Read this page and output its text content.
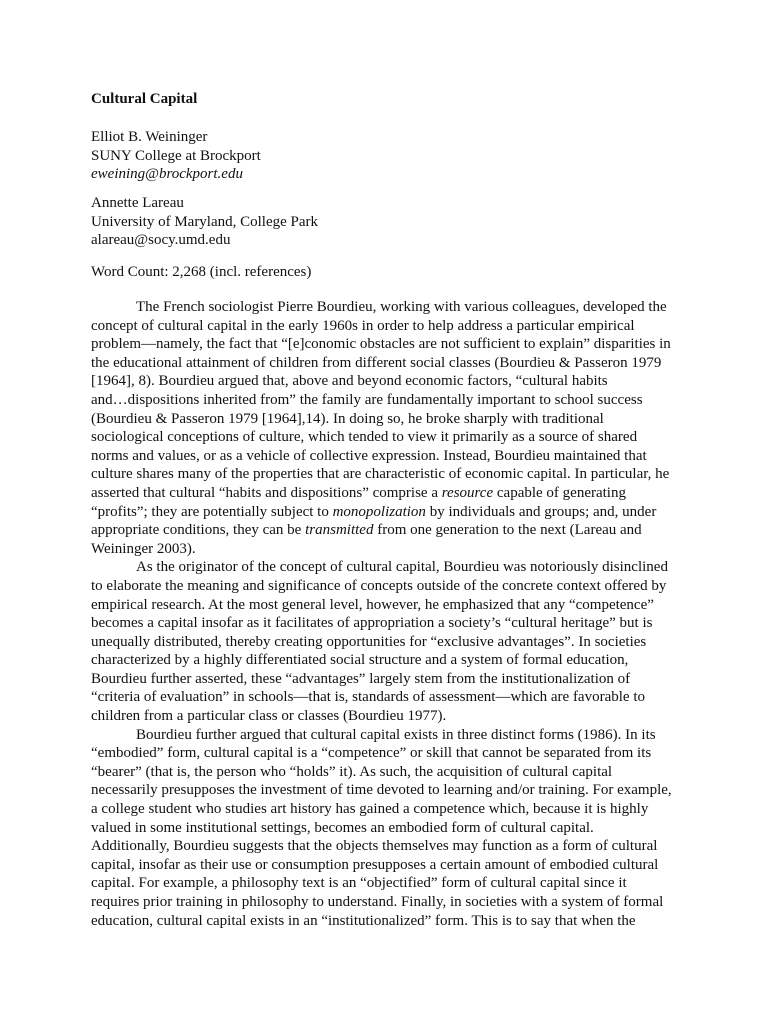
Cultural Capital
Elliot B. Weininger
SUNY College at Brockport
eweining@brockport.edu
Annette Lareau
University of Maryland, College Park
alareau@socy.umd.edu
Word Count: 2,268 (incl. references)
The French sociologist Pierre Bourdieu, working with various colleagues, developed the
concept of cultural capital in the early 1960s in order to help address a particular empirical
problem—namely, the fact that “[e]conomic obstacles are not sufficient to explain” disparities in
the educational attainment of children from different social classes (Bourdieu & Passeron 1979
[1964], 8). Bourdieu argued that, above and beyond economic factors, “cultural habits
and…dispositions inherited from” the family are fundamentally important to school success
(Bourdieu & Passeron 1979 [1964],14). In doing so, he broke sharply with traditional
sociological conceptions of culture, which tended to view it primarily as a source of shared
norms and values, or as a vehicle of collective expression. Instead, Bourdieu maintained that
culture shares many of the properties that are characteristic of economic capital. In particular, he
asserted that cultural “habits and dispositions” comprise a resource capable of generating
“profits”; they are potentially subject to monopolization by individuals and groups; and, under
appropriate conditions, they can be transmitted from one generation to the next (Lareau and
Weininger 2003).
As the originator of the concept of cultural capital, Bourdieu was notoriously disinclined
to elaborate the meaning and significance of concepts outside of the concrete context offered by
empirical research. At the most general level, however, he emphasized that any “competence”
becomes a capital insofar as it facilitates of appropriation a society’s “cultural heritage” but is
unequally distributed, thereby creating opportunities for “exclusive advantages”. In societies
characterized by a highly differentiated social structure and a system of formal education,
Bourdieu further asserted, these “advantages” largely stem from the institutionalization of
“criteria of evaluation” in schools—that is, standards of assessment—which are favorable to
children from a particular class or classes (Bourdieu 1977).
Bourdieu further argued that cultural capital exists in three distinct forms (1986). In its
“embodied” form, cultural capital is a “competence” or skill that cannot be separated from its
“bearer” (that is, the person who “holds” it). As such, the acquisition of cultural capital
necessarily presupposes the investment of time devoted to learning and/or training. For example,
a college student who studies art history has gained a competence which, because it is highly
valued in some institutional settings, becomes an embodied form of cultural capital.
Additionally, Bourdieu suggests that the objects themselves may function as a form of cultural
capital, insofar as their use or consumption presupposes a certain amount of embodied cultural
capital. For example, a philosophy text is an “objectified” form of cultural capital since it
requires prior training in philosophy to understand. Finally, in societies with a system of formal
education, cultural capital exists in an “institutionalized” form. This is to say that when the
